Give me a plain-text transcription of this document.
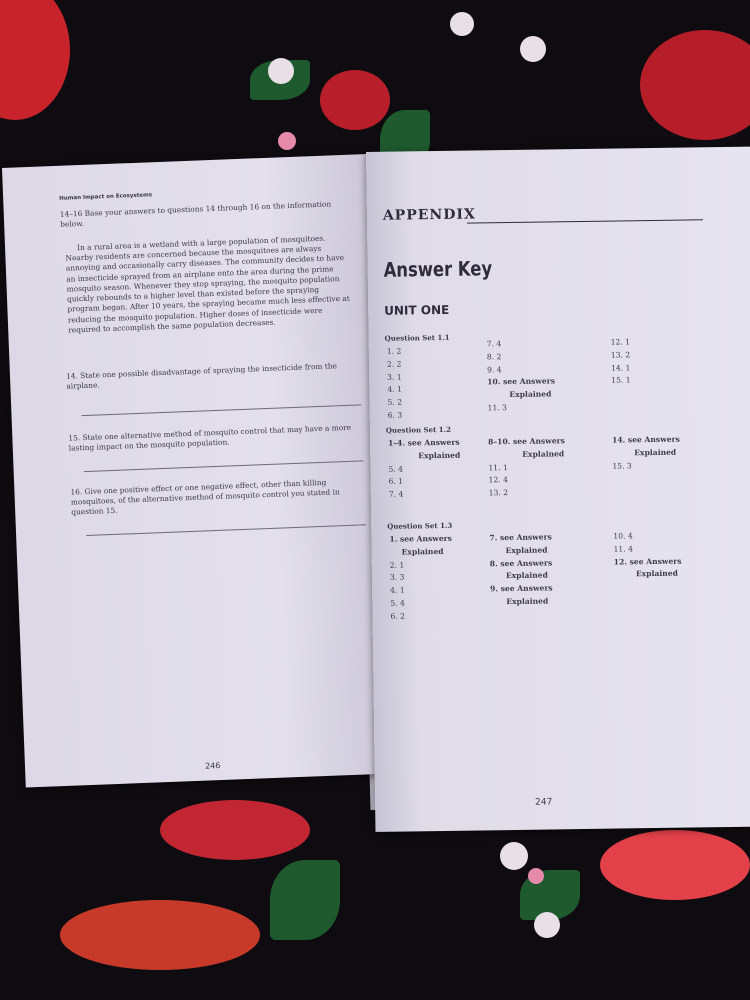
Human Impact on Ecosystems
14–16 Base your answers to questions 14 through 16 on the information below.
In a rural area is a wetland with a large population of mosquitoes. Nearby residents are concerned because the mosquitoes are always annoying and occasionally carry diseases. The community decides to have an insecticide sprayed from an airplane onto the area during the prime mosquito season. Whenever they stop spraying, the mosquito population quickly rebounds to a higher level than existed before the spraying program began. After 10 years, the spraying became much less effective at reducing the mosquito population. Higher doses of insecticide were required to accomplish the same population decreases.
14. State one possible disadvantage of spraying the insecticide from the airplane.
15. State one alternative method of mosquito control that may have a more lasting impact on the mosquito population.
16. Give one positive effect or one negative effect, other than killing mosquitoes, of the alternative method of mosquito control you stated in question 15.
246
APPENDIX
Answer Key
UNIT ONE
Question Set 1.1
1. 2
2. 2
3. 1
4. 1
5. 2
6. 3
7. 4
8. 2
9. 4
10. see Answers
Explained
11. 3
12. 1
13. 2
14. 1
15. 1
Question Set 1.2
1–4. see Answers
Explained
5. 4
6. 1
7. 4
8–10. see Answers
Explained
11. 1
12. 4
13. 2
14. see Answers
Explained
15. 3
Question Set 1.3
1. see Answers
Explained
2. 1
3. 3
4. 1
5. 4
6. 2
7. see Answers
Explained
8. see Answers
Explained
9. see Answers
Explained
10. 4
11. 4
12. see Answers
Explained
247
